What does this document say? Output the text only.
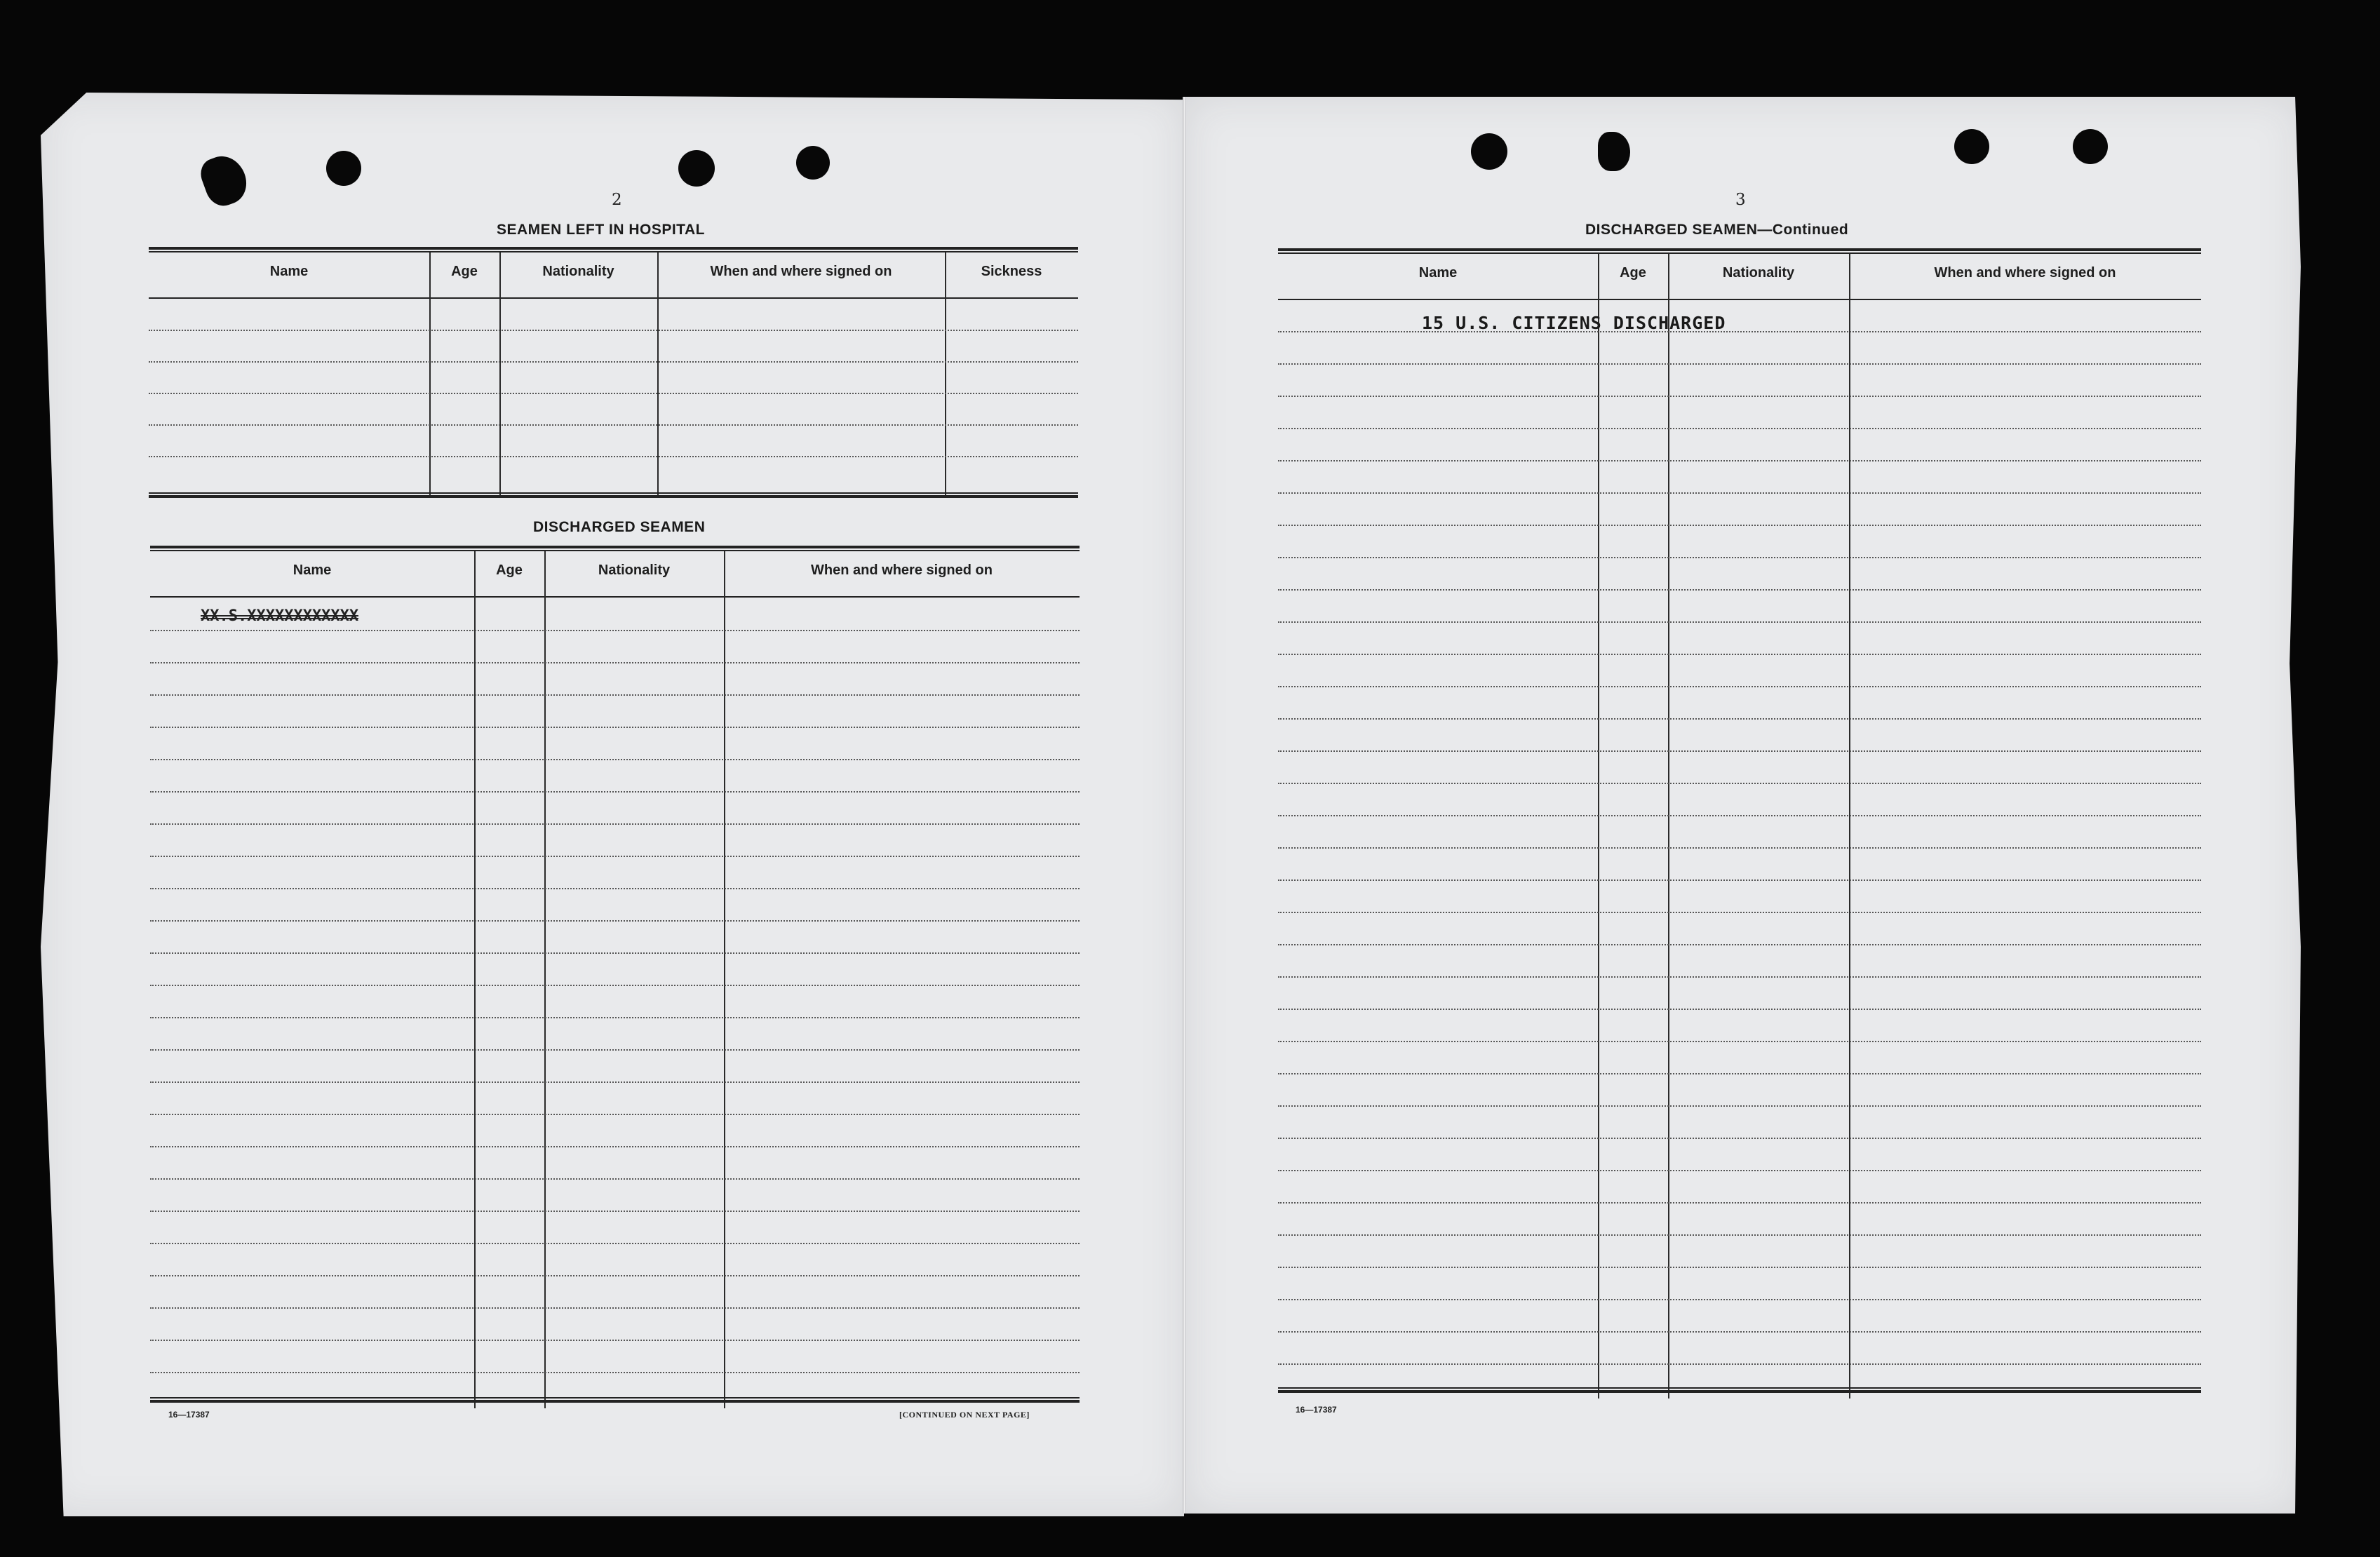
2
SEAMEN LEFT IN HOSPITAL
Name	Age	Nationality	When and where signed on	Sickness
DISCHARGED SEAMEN
Name	Age	Nationality	When and where signed on
XX.S.XXXXXXXXXXXX
16—17387	[CONTINUED ON NEXT PAGE]
3
DISCHARGED SEAMEN—Continued
Name	Age	Nationality	When and where signed on
15 U.S. CITIZENS DISCHARGED
16—17387
